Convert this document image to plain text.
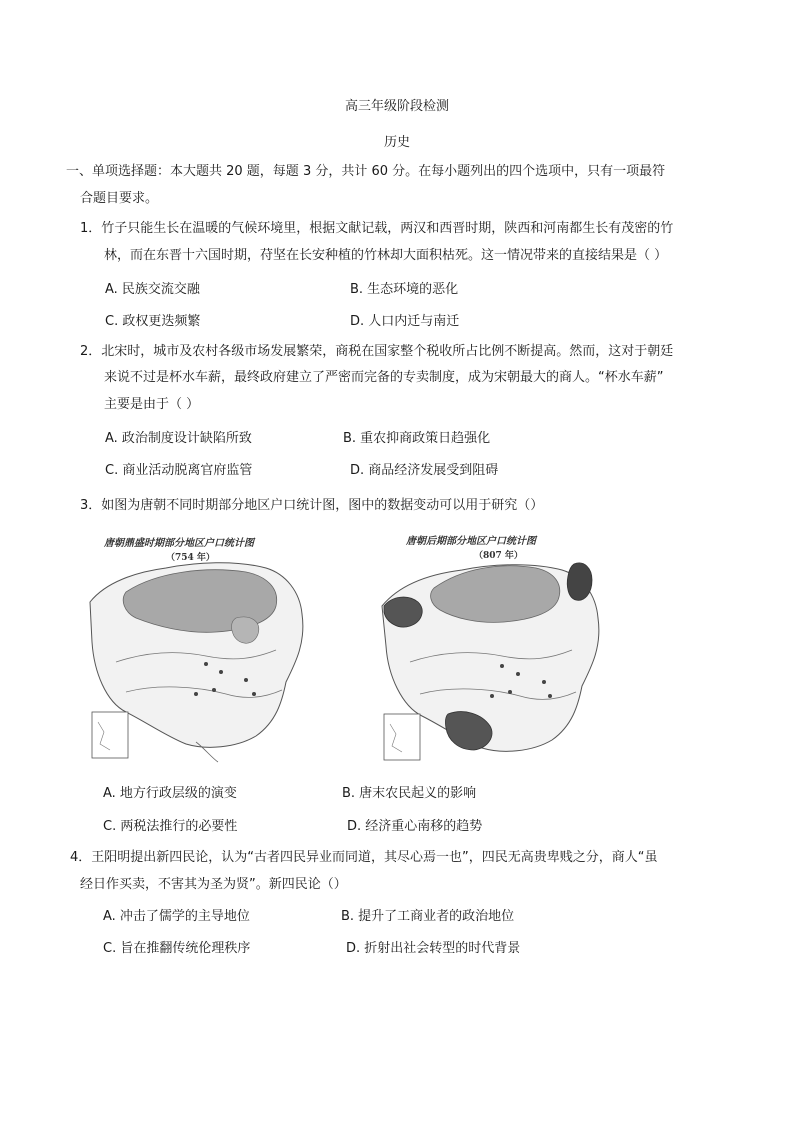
高三年级阶段检测
历史
一、单项选择题：本大题共 20 题，每题 3 分，共计 60 分。在每小题列出的四个选项中，只有一项最符
合题目要求。
1．竹子只能生长在温暖的气候环境里，根据文献记载，两汉和西晋时期，陕西和河南都生长有茂密的竹
林，而在东晋十六国时期，苻坚在长安种植的竹林却大面积枯死。这一情况带来的直接结果是（ ）
A. 民族交流交融	B. 生态环境的恶化
C. 政权更迭频繁	D. 人口内迁与南迁
2．北宋时，城市及农村各级市场发展繁荣，商税在国家整个税收所占比例不断提高。然而，这对于朝廷
来说不过是杯水车薪，最终政府建立了严密而完备的专卖制度，成为宋朝最大的商人。“杯水车薪”
主要是由于（ ）
A. 政治制度设计缺陷所致	B. 重农抑商政策日趋强化
C. 商业活动脱离官府监管	D. 商品经济发展受到阻碍
3．如图为唐朝不同时期部分地区户口统计图，图中的数据变动可以用于研究（）
唐朝鼎盛时期部分地区户口统计图
（754 年）
唐朝后期部分地区户口统计图
（807 年）
A. 地方行政层级的演变	B. 唐末农民起义的影响
C. 两税法推行的必要性	D. 经济重心南移的趋势
4．王阳明提出新四民论，认为“古者四民异业而同道，其尽心焉一也”，四民无高贵卑贱之分，商人“虽
经日作买卖，不害其为圣为贤”。新四民论（）
A. 冲击了儒学的主导地位	B. 提升了工商业者的政治地位
C. 旨在推翻传统伦理秩序	D. 折射出社会转型的时代背景
